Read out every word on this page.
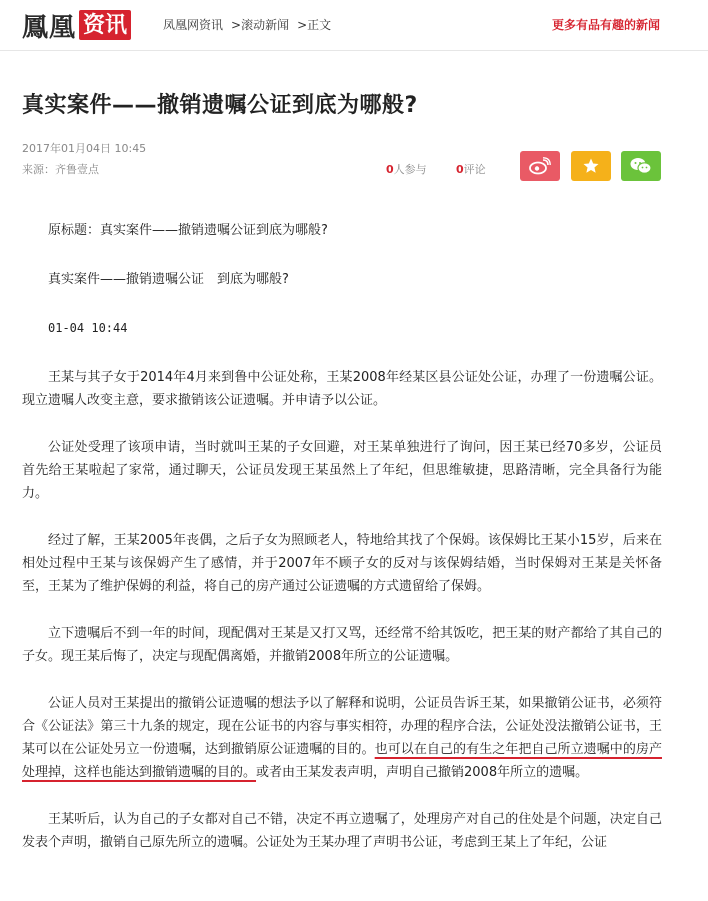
鳳凰 资讯	凤凰网资讯 >滚动新闻 >正文	更多有品有趣的新闻
真实案件——撤销遗嘱公证到底为哪般?
2017年01月04日 10:45
来源：齐鲁壹点	0人参与	0评论

原标题：真实案件——撤销遗嘱公证到底为哪般?

真实案件——撤销遗嘱公证　到底为哪般?

01-04 10:44

王某与其子女于2014年4月来到鲁中公证处称，王某2008年经某区县公证处公证，办理了一份遗嘱公证。现立遗嘱人改变主意，要求撤销该公证遗嘱。并申请予以公证。

公证处受理了该项申请，当时就叫王某的子女回避，对王某单独进行了询问，因王某已经70多岁，公证员首先给王某啦起了家常，通过聊天，公证员发现王某虽然上了年纪，但思维敏捷，思路清晰，完全具备行为能力。

经过了解，王某2005年丧偶，之后子女为照顾老人，特地给其找了个保姆。该保姆比王某小15岁，后来在相处过程中王某与该保姆产生了感情，并于2007年不顾子女的反对与该保姆结婚，当时保姆对王某是关怀备至，王某为了维护保姆的利益，将自己的房产通过公证遗嘱的方式遗留给了保姆。

立下遗嘱后不到一年的时间，现配偶对王某是又打又骂，还经常不给其饭吃，把王某的财产都给了其自己的子女。现王某后悔了，决定与现配偶离婚，并撤销2008年所立的公证遗嘱。

公证人员对王某提出的撤销公证遗嘱的想法予以了解释和说明，公证员告诉王某，如果撤销公证书，必须符合《公证法》第三十九条的规定，现在公证书的内容与事实相符，办理的程序合法，公证处没法撤销公证书，王某可以在公证处另立一份遗嘱，达到撤销原公证遗嘱的目的。也可以在自己的有生之年把自己所立遗嘱中的房产处理掉，这样也能达到撤销遗嘱的目的。或者由王某发表声明，声明自己撤销2008年所立的遗嘱。

王某听后，认为自己的子女都对自己不错，决定不再立遗嘱了，处理房产对自己的住处是个问题，决定自己发表个声明，撤销自己原先所立的遗嘱。公证处为王某办理了声明书公证，考虑到王某上了年纪，公证
